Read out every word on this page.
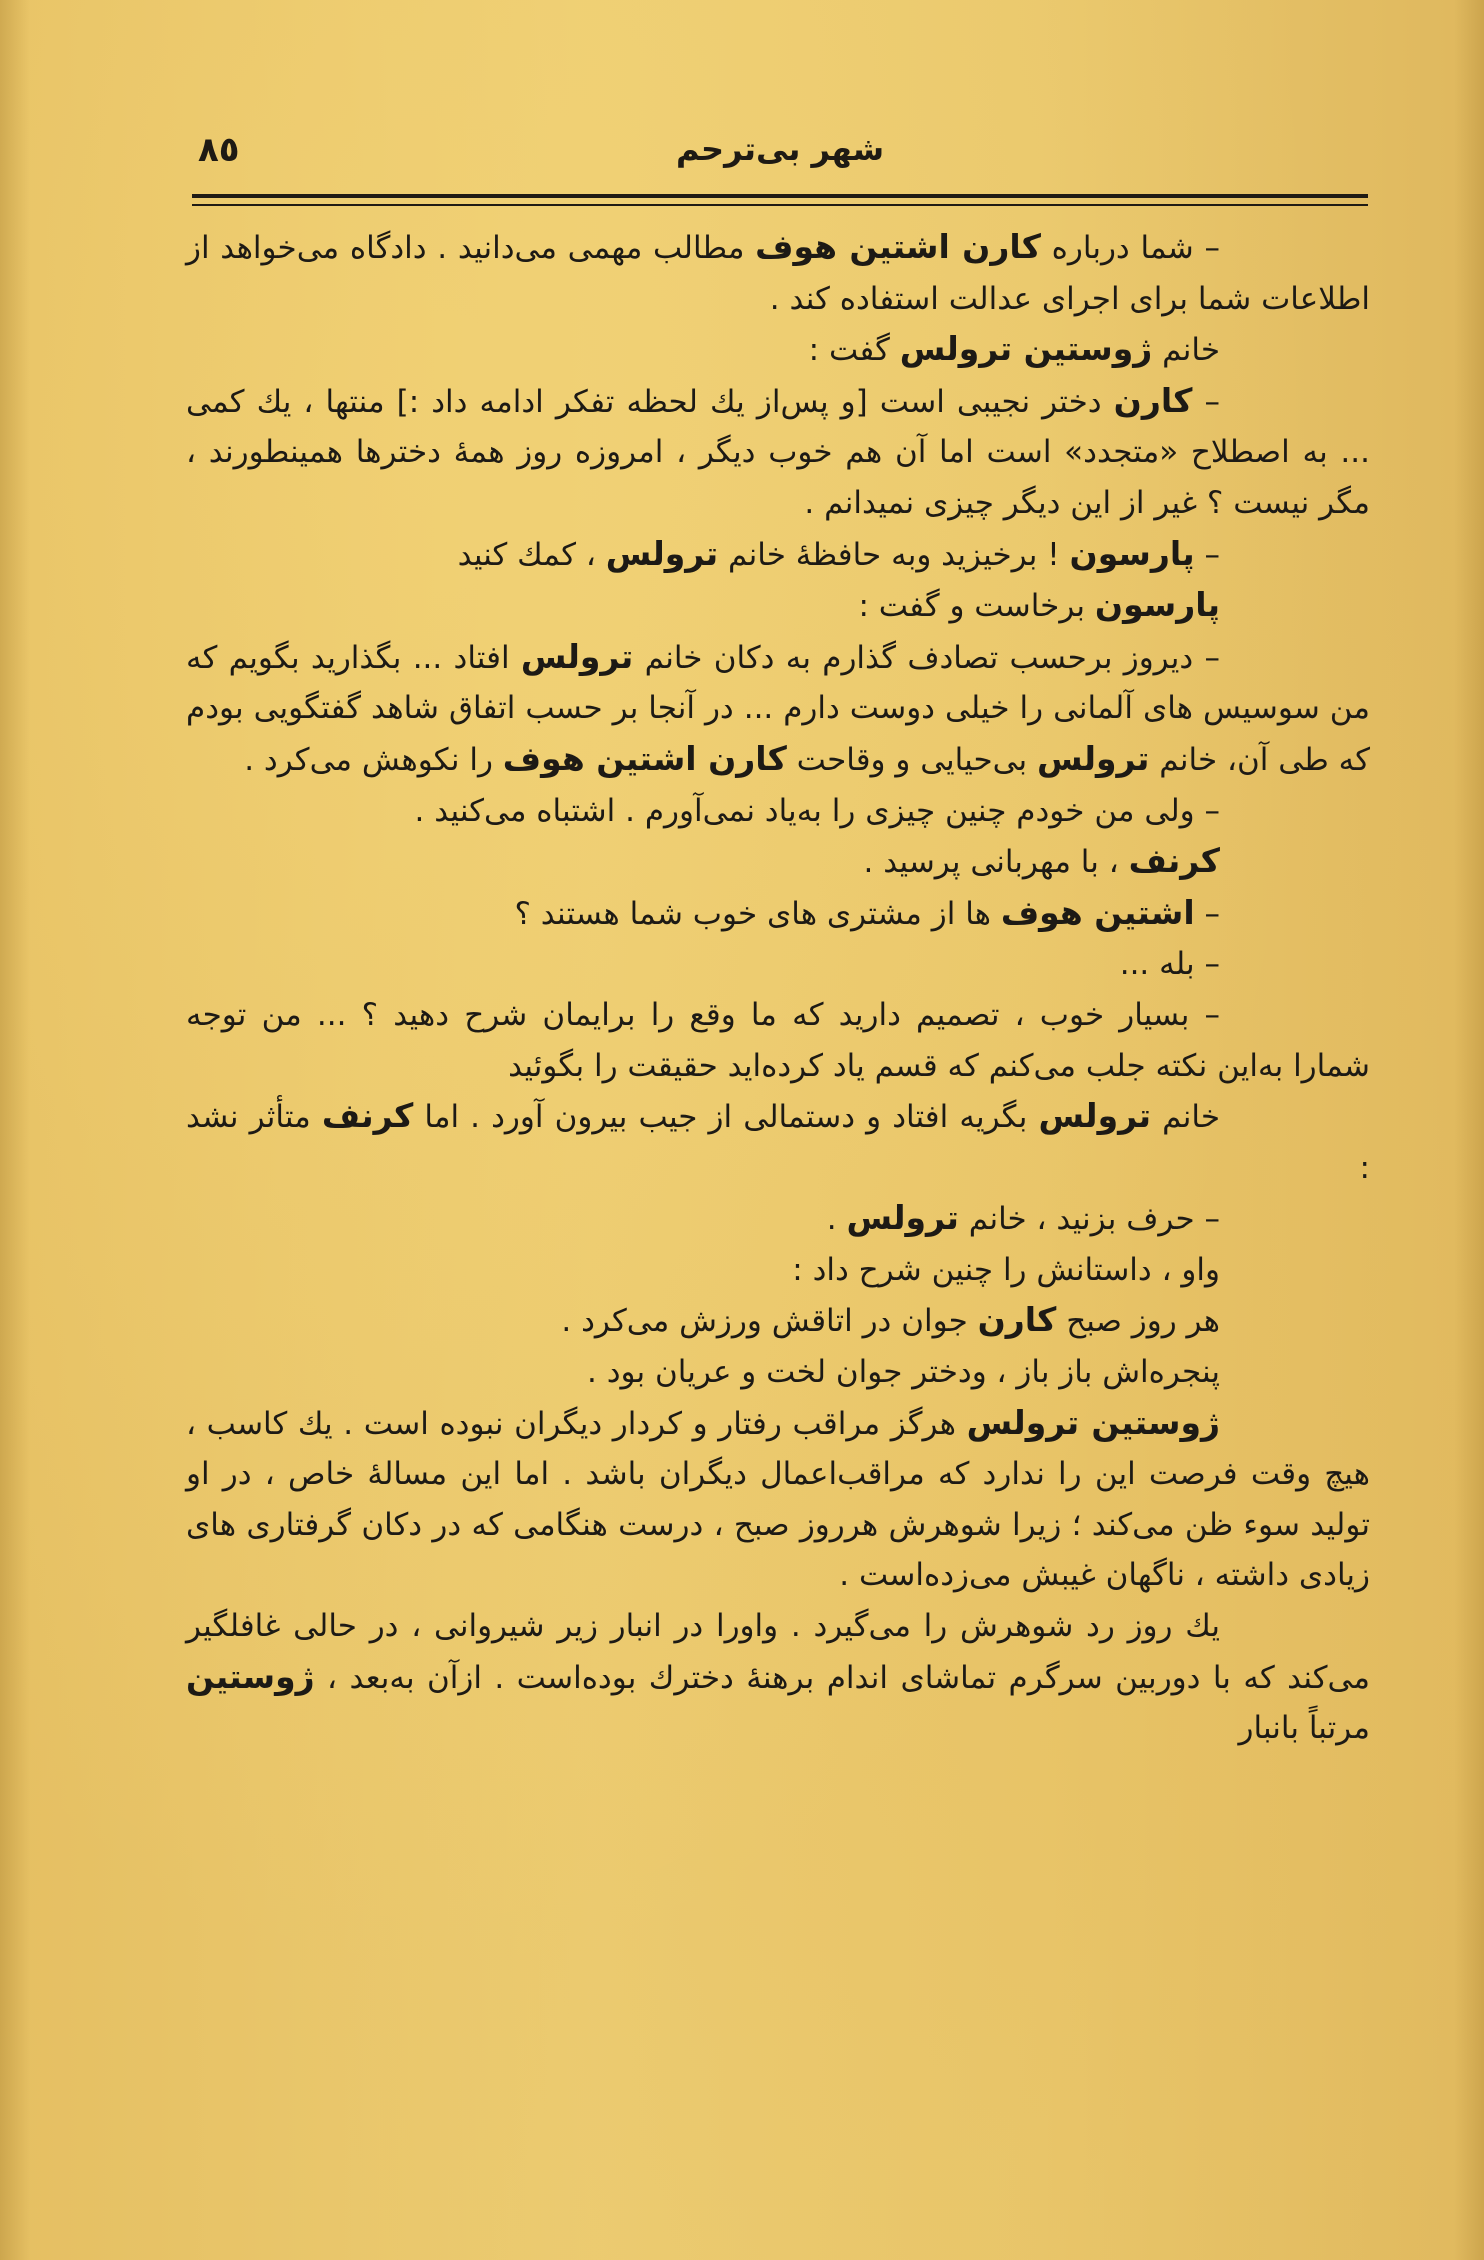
٨٥	شهر بی‌ترحم

– شما درباره کارن اشتین هوف مطالب مهمی می‌دانید . دادگاه می‌خواهد از اطلاعات شما برای اجرای عدالت استفاده کند .

خانم ژوستین ترولس گفت :

– کارن دختر نجیبی است [و پس‌از يك لحظه تفکر ادامه داد :] منتها ، يك کمی ... به اصطلاح «متجدد» است اما آن هم خوب دیگر ، امروزه روز همهٔ دخترها همینطورند ، مگر نیست ؟ غیر از این دیگر چیزی نمیدانم .

– پارسون ! برخیزید وبه حافظهٔ خانم ترولس ، کمك کنید

پارسون برخاست و گفت :

– دیروز برحسب تصادف گذارم به دکان خانم ترولس افتاد ... بگذارید بگویم که من سوسیس های آلمانی را خیلی دوست دارم ... در آنجا بر حسب اتفاق شاهد گفتگویی بودم که طی آن، خانم ترولس بی‌حیایی و وقاحت کارن اشتین هوف را نکوهش می‌کرد .

– ولی من خودم چنین چیزی را به‌یاد نمی‌آورم . اشتباه می‌کنید .

کرنف ، با مهربانی پرسید .

– اشتین هوف ها از مشتری های خوب شما هستند ؟

– بله ...

– بسیار خوب ، تصمیم دارید که ما وقع را برایمان شرح دهید ؟ ... من توجه شمارا به‌این نکته جلب می‌کنم که قسم یاد کرده‌اید حقیقت را بگوئید

خانم ترولس بگریه افتاد و دستمالی از جیب بیرون آورد . اما کرنف متأثر نشد :

– حرف بزنید ، خانم ترولس .

واو ، داستانش را چنین شرح داد :

هر روز صبح کارن جوان در اتاقش ورزش می‌کرد .

پنجره‌اش باز باز ، ودختر جوان لخت و عریان بود .

ژوستین ترولس هرگز مراقب رفتار و کردار دیگران نبوده است . يك کاسب ، هیچ وقت فرصت این را ندارد که مراقب‌اعمال دیگران باشد . اما این مسالهٔ خاص ، در او تولید سوء ظن می‌کند ؛ زیرا شوهرش هرروز صبح ، درست هنگامی که در دکان گرفتاری های زیادی داشته ، ناگهان غیبش می‌زده‌است .

يك روز رد شوهرش را می‌گیرد . واورا در انبار زیر شیروانی ، در حالی غافلگیر می‌کند که با دوربین سرگرم تماشای اندام برهنهٔ دخترك بوده‌است . ازآن به‌بعد ، ژوستین مرتباً بانبار
